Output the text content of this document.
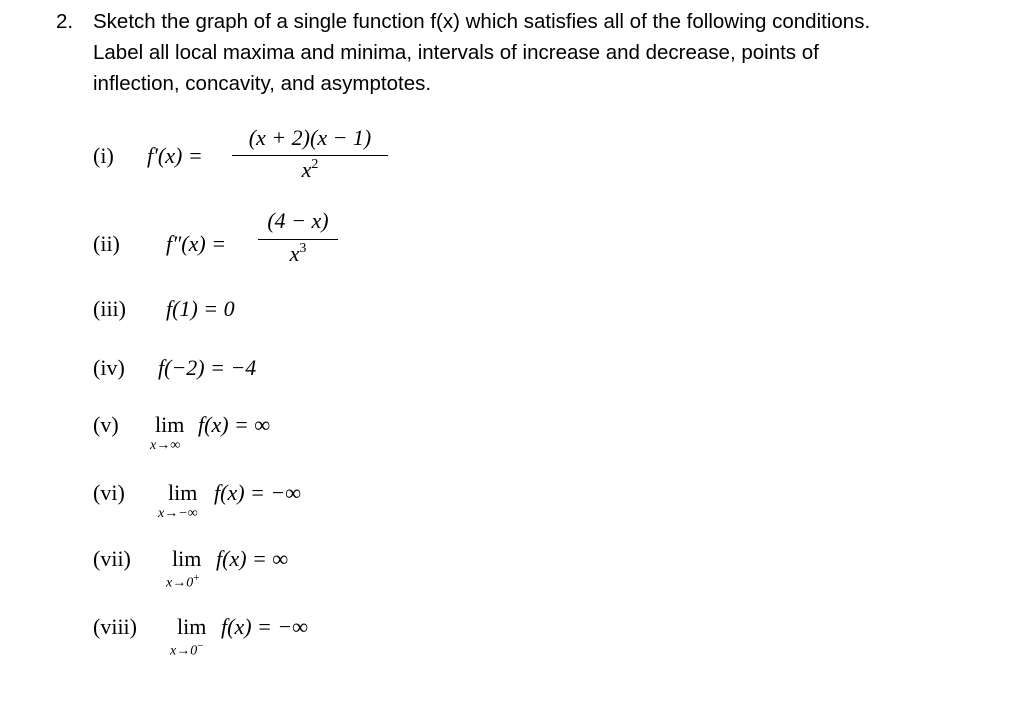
2. Sketch the graph of a single function f(x) which satisfies all of the following conditions.
Label all local maxima and minima, intervals of increase and decrease, points of
inflection, concavity, and asymptotes.
(i) f′(x) =
(x + 2)(x − 1)
$x^2$
(ii) f″(x) =
(4 − x)
$x^3$
(iii) f(1) = 0
(iv) f(−2) = −4
(v) lim
x→∞
f(x) = ∞
(vi) lim
x→−∞
f(x) = −∞
(vii) lim
x→0+
f(x) = ∞
(viii) lim
x→0−
f(x) = −∞
